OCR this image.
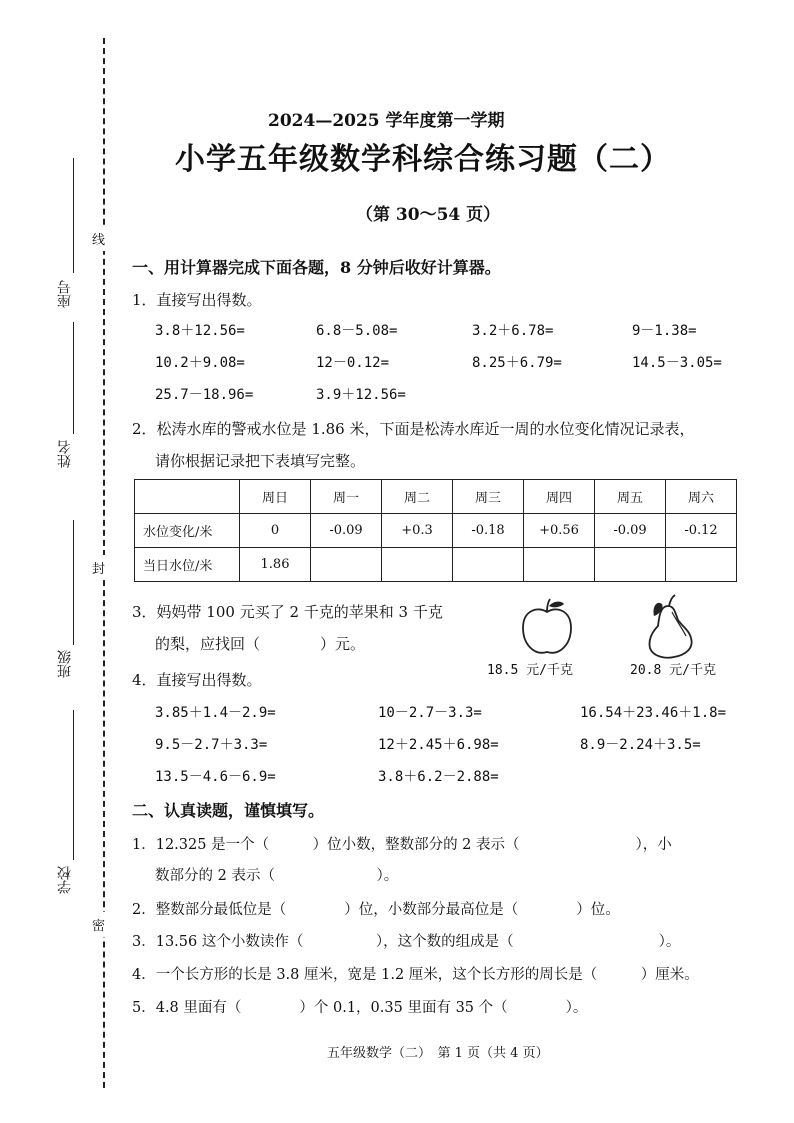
座号
姓名
班级
学校
线
封
密
2024—2025 学年度第一学期
小学五年级数学科综合练习题（二）
（第 30～54 页）
一、用计算器完成下面各题，8 分钟后收好计算器。
1．直接写出得数。
3.8＋12.56=	6.8－5.08=	3.2＋6.78=	9－1.38=
10.2＋9.08=	12－0.12=	8.25＋6.79=	14.5－3.05=
25.7－18.96=	3.9＋12.56=
2．松涛水库的警戒水位是 1.86 米，下面是松涛水库近一周的水位变化情况记录表，
请你根据记录把下表填写完整。
	周日	周一	周二	周三	周四	周五	周六
水位变化/米	0	-0.09	+0.3	-0.18	+0.56	-0.09	-0.12
当日水位/米	1.86						
3．妈妈带 100 元买了 2 千克的苹果和 3 千克
的梨，应找回（　　　　）元。
18.5 元/千克	20.8 元/千克
4．直接写出得数。
3.85＋1.4－2.9=	10－2.7－3.3=	16.54＋23.46＋1.8=
9.5－2.7＋3.3=	12＋2.45＋6.98=	8.9－2.24＋3.5=
13.5－4.6－6.9=	3.8＋6.2－2.88=
二、认真读题，谨慎填写。
1．12.325 是一个（　　　）位小数，整数部分的 2 表示（　　　　　　　　），小
数部分的 2 表示（　　　　　　　）。
2．整数部分最低位是（　　　　）位，小数部分最高位是（　　　　）位。
3．13.56 这个小数读作（　　　　　），这个数的组成是（　　　　　　　　　　）。
4．一个长方形的长是 3.8 厘米，宽是 1.2 厘米，这个长方形的周长是（　　　）厘米。
5．4.8 里面有（　　　　）个 0.1，0.35 里面有 35 个（　　　　）。
五年级数学（二）　第 1 页（共 4 页）
